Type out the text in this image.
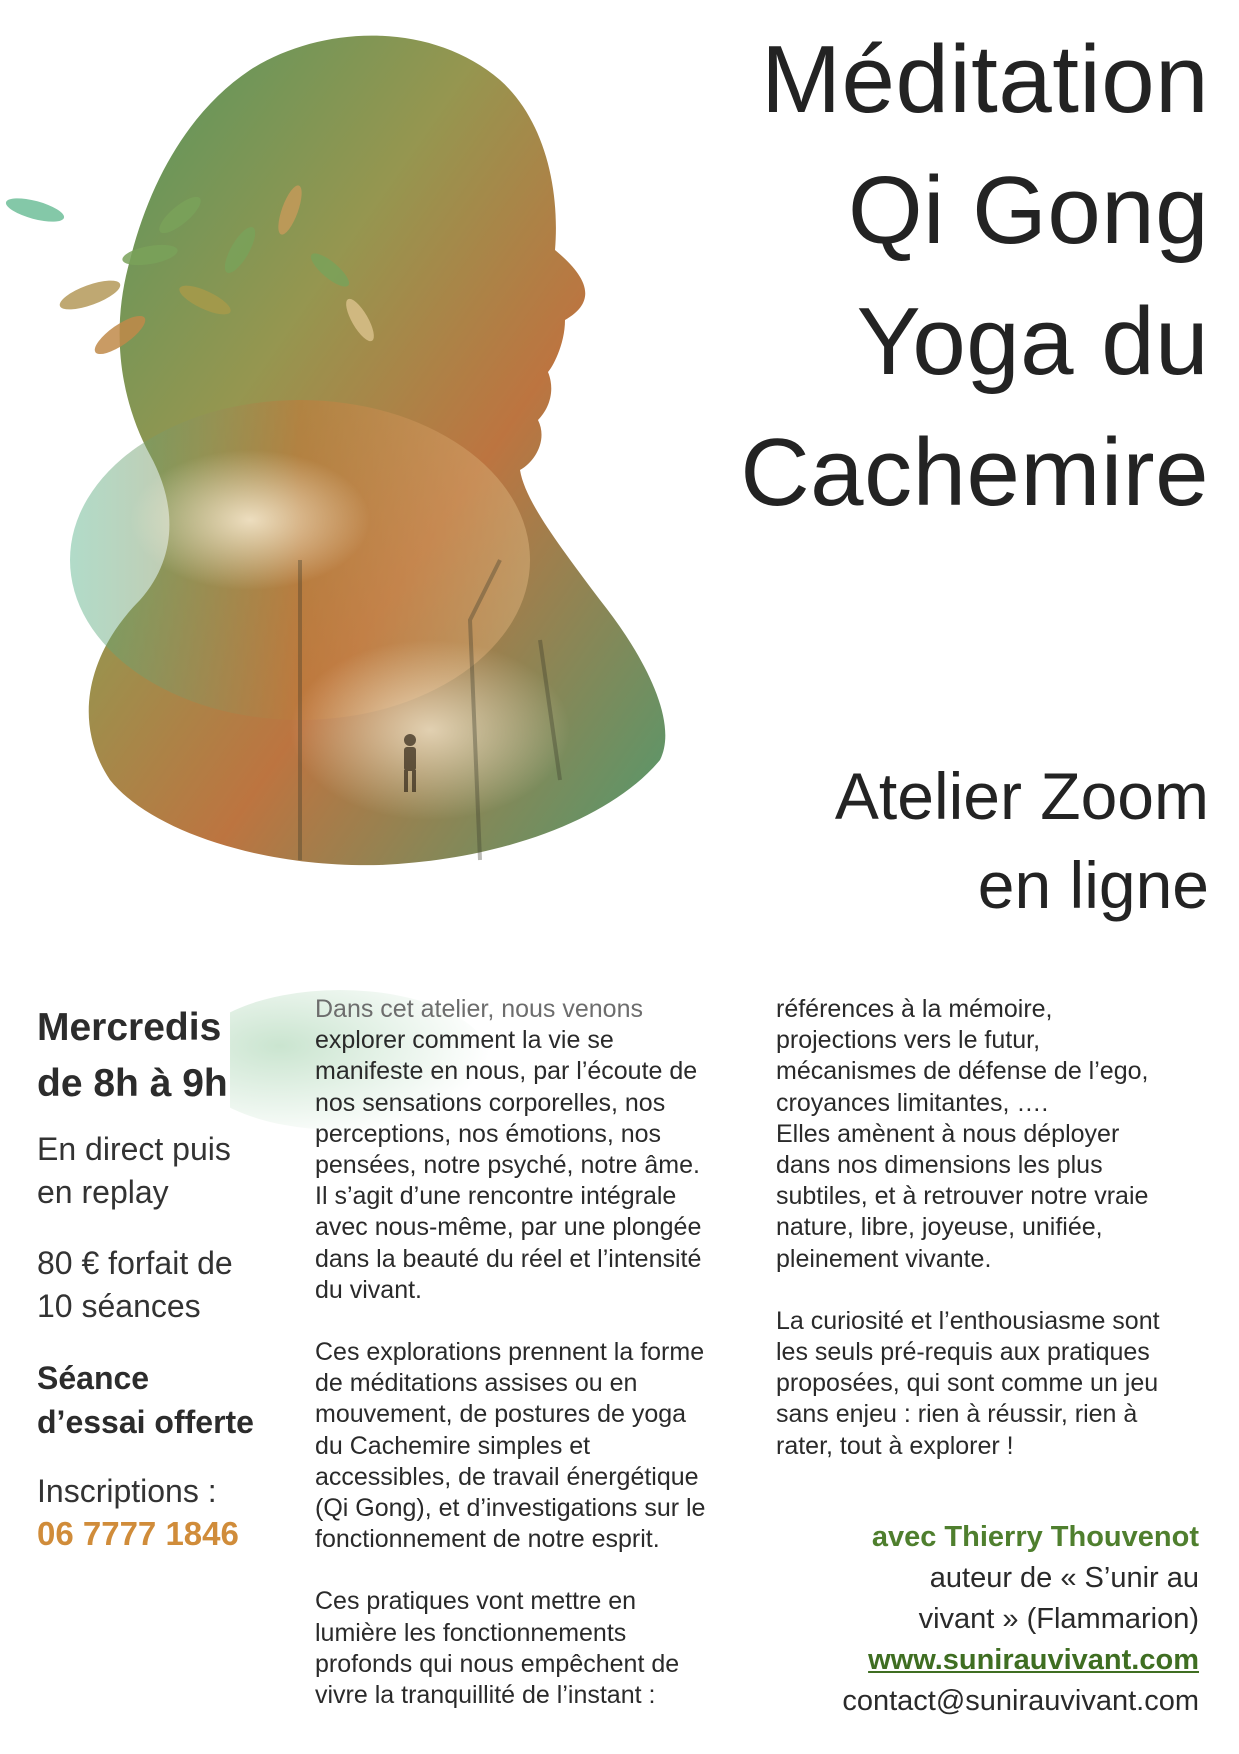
Méditation
Qi Gong
Yoga du
Cachemire
Atelier Zoom
en ligne
Mercredis
de 8h à 9h
En direct puis
en replay
80 € forfait de
10 séances
Séance
d’essai offerte
Inscriptions :
06 7777 1846
Dans cet atelier, nous venons
explorer comment la vie se
manifeste en nous, par l’écoute de
nos sensations corporelles, nos
perceptions, nos émotions, nos
pensées, notre psyché, notre âme.
Il s’agit d’une rencontre intégrale
avec nous-même, par une plongée
dans la beauté du réel et l’intensité
du vivant.
Ces explorations prennent la forme
de méditations assises ou en
mouvement, de postures de yoga
du Cachemire simples et
accessibles, de travail énergétique
(Qi Gong), et d’investigations sur le
fonctionnement de notre esprit.
Ces pratiques vont mettre en
lumière les fonctionnements
profonds qui nous empêchent de
vivre la tranquillité de l’instant :
références à la mémoire,
projections vers le futur,
mécanismes de défense de l’ego,
croyances limitantes, ….
Elles amènent à nous déployer
dans nos dimensions les plus
subtiles, et à retrouver notre vraie
nature, libre, joyeuse, unifiée,
pleinement vivante.
La curiosité et l’enthousiasme sont
les seuls pré-requis aux pratiques
proposées, qui sont comme un jeu
sans enjeu : rien à réussir, rien à
rater, tout à explorer !
avec Thierry Thouvenot
auteur de « S’unir au
vivant » (Flammarion)
www.sunirauvivant.com
contact@sunirauvivant.com
